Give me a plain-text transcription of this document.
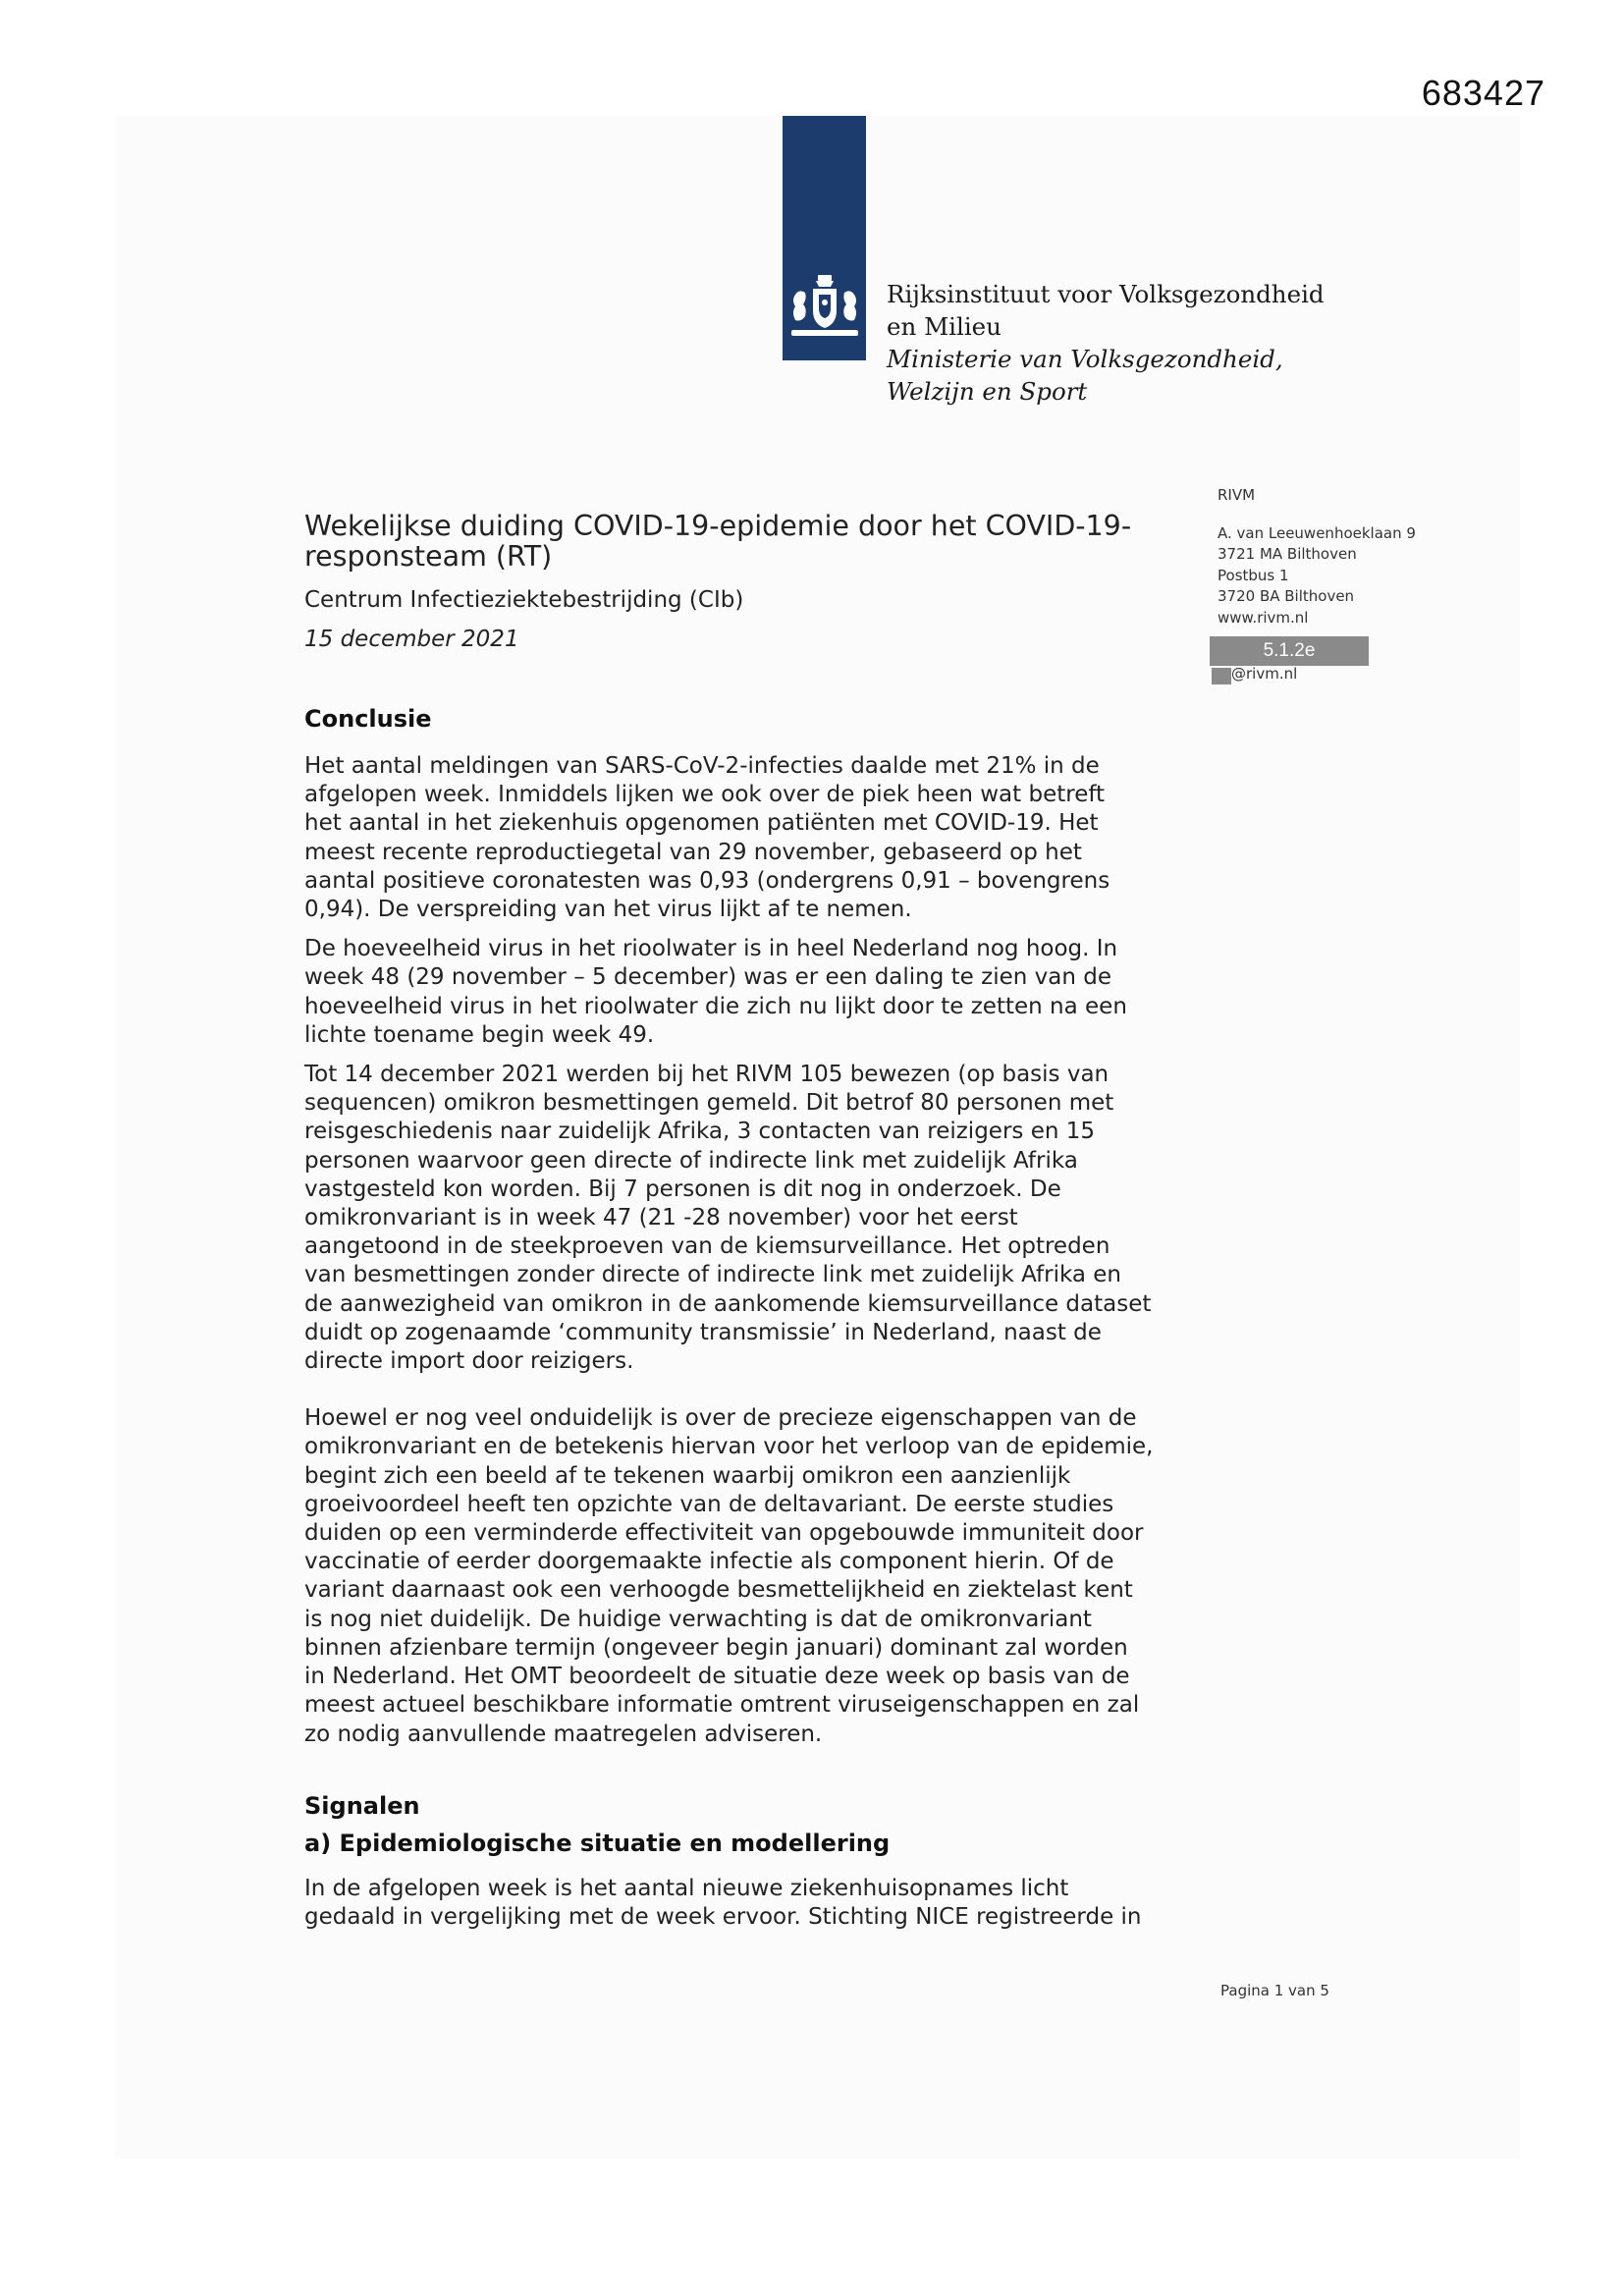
683427
Rijksinstituut voor Volksgezondheid
en Milieu
Ministerie van Volksgezondheid,
Welzijn en Sport
RIVM
A. van Leeuwenhoeklaan 9
3721 MA Bilthoven
Postbus 1
3720 BA Bilthoven
www.rivm.nl
5.1.2e
@rivm.nl
Wekelijkse duiding COVID-19-epidemie door het COVID-19-
responsteam (RT)
Centrum Infectieziektebestrijding (CIb)
15 december 2021
Conclusie

Het aantal meldingen van SARS-CoV-2-infecties daalde met 21% in de
afgelopen week. Inmiddels lijken we ook over de piek heen wat betreft
het aantal in het ziekenhuis opgenomen patiënten met COVID-19. Het
meest recente reproductiegetal van 29 november, gebaseerd op het
aantal positieve coronatesten was 0,93 (ondergrens 0,91 – bovengrens
0,94). De verspreiding van het virus lijkt af te nemen.

De hoeveelheid virus in het rioolwater is in heel Nederland nog hoog. In
week 48 (29 november – 5 december) was er een daling te zien van de
hoeveelheid virus in het rioolwater die zich nu lijkt door te zetten na een
lichte toename begin week 49.

Tot 14 december 2021 werden bij het RIVM 105 bewezen (op basis van
sequencen) omikron besmettingen gemeld. Dit betrof 80 personen met
reisgeschiedenis naar zuidelijk Afrika, 3 contacten van reizigers en 15
personen waarvoor geen directe of indirecte link met zuidelijk Afrika
vastgesteld kon worden. Bij 7 personen is dit nog in onderzoek. De
omikronvariant is in week 47 (21 -28 november) voor het eerst
aangetoond in de steekproeven van de kiemsurveillance. Het optreden
van besmettingen zonder directe of indirecte link met zuidelijk Afrika en
de aanwezigheid van omikron in de aankomende kiemsurveillance dataset
duidt op zogenaamde ‘community transmissie’ in Nederland, naast de
directe import door reizigers.

Hoewel er nog veel onduidelijk is over de precieze eigenschappen van de
omikronvariant en de betekenis hiervan voor het verloop van de epidemie,
begint zich een beeld af te tekenen waarbij omikron een aanzienlijk
groeivoordeel heeft ten opzichte van de deltavariant. De eerste studies
duiden op een verminderde effectiviteit van opgebouwde immuniteit door
vaccinatie of eerder doorgemaakte infectie als component hierin. Of de
variant daarnaast ook een verhoogde besmettelijkheid en ziektelast kent
is nog niet duidelijk. De huidige verwachting is dat de omikronvariant
binnen afzienbare termijn (ongeveer begin januari) dominant zal worden
in Nederland. Het OMT beoordeelt de situatie deze week op basis van de
meest actueel beschikbare informatie omtrent viruseigenschappen en zal
zo nodig aanvullende maatregelen adviseren.

Signalen
a) Epidemiologische situatie en modellering

In de afgelopen week is het aantal nieuwe ziekenhuisopnames licht
gedaald in vergelijking met de week ervoor. Stichting NICE registreerde in

Pagina 1 van 5
